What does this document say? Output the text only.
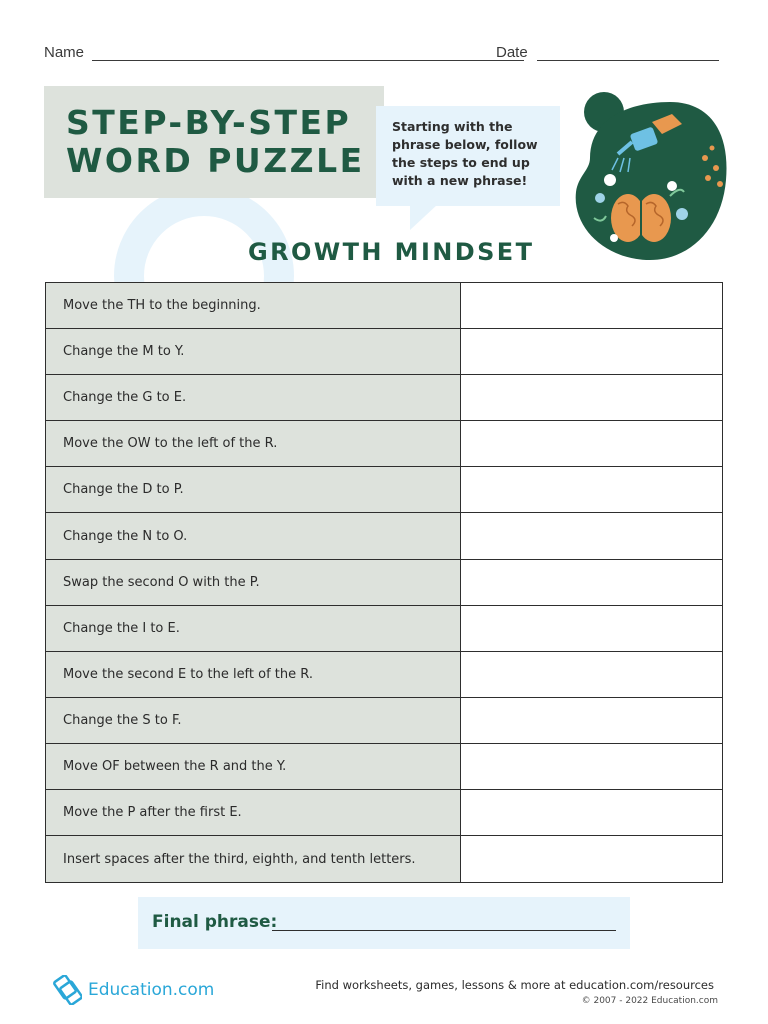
Name	Date
STEP-BY-STEP
WORD PUZZLE
Starting with the phrase below, follow the steps to end up with a new phrase!
GROWTH MINDSET
Move the TH to the beginning.
Change the M to Y.
Change the G to E.
Move the OW to the left of the R.
Change the D to P.
Change the N to O.
Swap the second O with the P.
Change the I to E.
Move the second E to the left of the R.
Change the S to F.
Move OF between the R and the Y.
Move the P after the first E.
Insert spaces after the third, eighth, and tenth letters.
Final phrase:
Education.com	Find worksheets, games, lessons & more at education.com/resources
© 2007 - 2022 Education.com
